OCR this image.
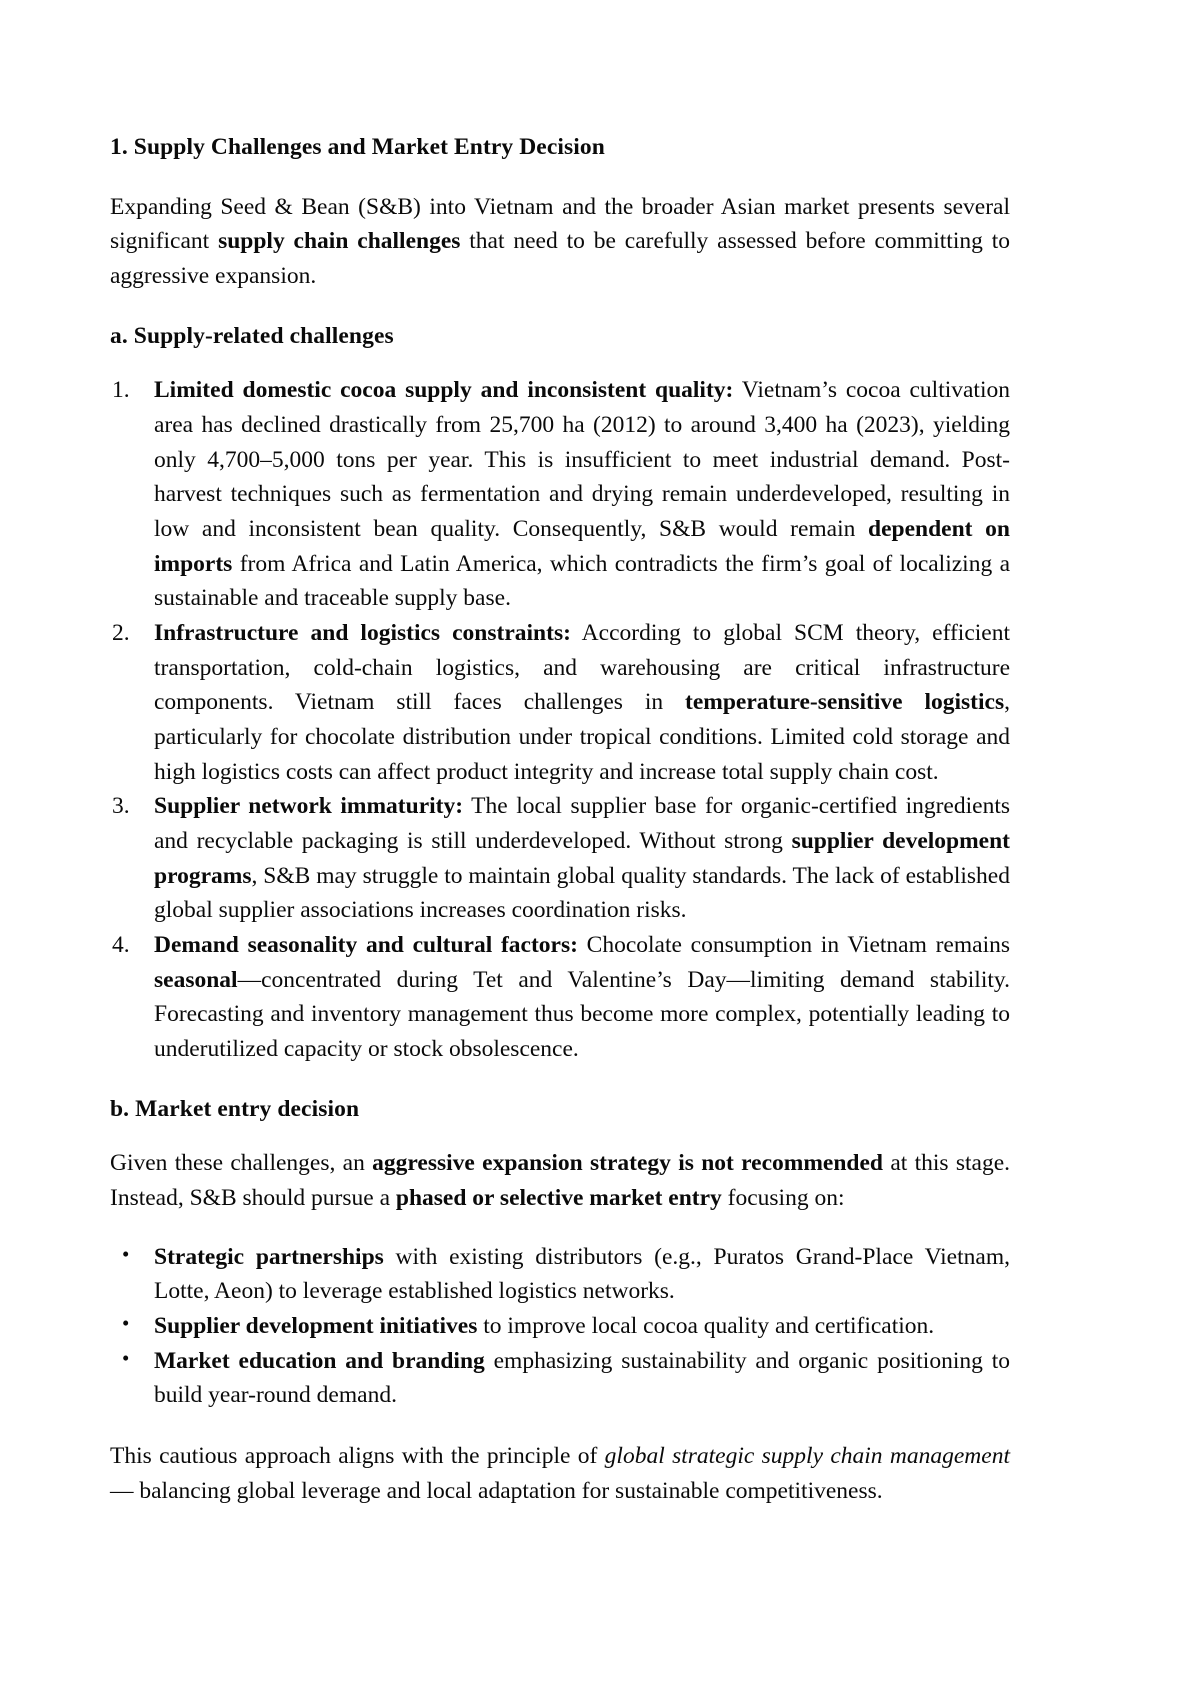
1. Supply Challenges and Market Entry Decision

Expanding Seed & Bean (S&B) into Vietnam and the broader Asian market presents several significant supply chain challenges that need to be carefully assessed before committing to aggressive expansion.

a. Supply-related challenges
Limited domestic cocoa supply and inconsistent quality: Vietnam’s cocoa cultivation area has declined drastically from 25,700 ha (2012) to around 3,400 ha (2023), yielding only 4,700–5,000 tons per year. This is insufficient to meet industrial demand. Post-harvest techniques such as fermentation and drying remain underdeveloped, resulting in low and inconsistent bean quality. Consequently, S&B would remain dependent on imports from Africa and Latin America, which contradicts the firm’s goal of localizing a sustainable and traceable supply base.
Infrastructure and logistics constraints: According to global SCM theory, efficient transportation, cold-chain logistics, and warehousing are critical infrastructure components. Vietnam still faces challenges in temperature-sensitive logistics, particularly for chocolate distribution under tropical conditions. Limited cold storage and high logistics costs can affect product integrity and increase total supply chain cost.
Supplier network immaturity: The local supplier base for organic-certified ingredients and recyclable packaging is still underdeveloped. Without strong supplier development programs, S&B may struggle to maintain global quality standards. The lack of established global supplier associations increases coordination risks.
Demand seasonality and cultural factors: Chocolate consumption in Vietnam remains seasonal—concentrated during Tet and Valentine’s Day—limiting demand stability. Forecasting and inventory management thus become more complex, potentially leading to underutilized capacity or stock obsolescence.
b. Market entry decision

Given these challenges, an aggressive expansion strategy is not recommended at this stage. Instead, S&B should pursue a phased or selective market entry focusing on:

• Strategic partnerships with existing distributors (e.g., Puratos Grand-Place Vietnam, Lotte, Aeon) to leverage established logistics networks.
• Supplier development initiatives to improve local cocoa quality and certification.
• Market education and branding emphasizing sustainability and organic positioning to build year-round demand.

This cautious approach aligns with the principle of global strategic supply chain management — balancing global leverage and local adaptation for sustainable competitiveness.
